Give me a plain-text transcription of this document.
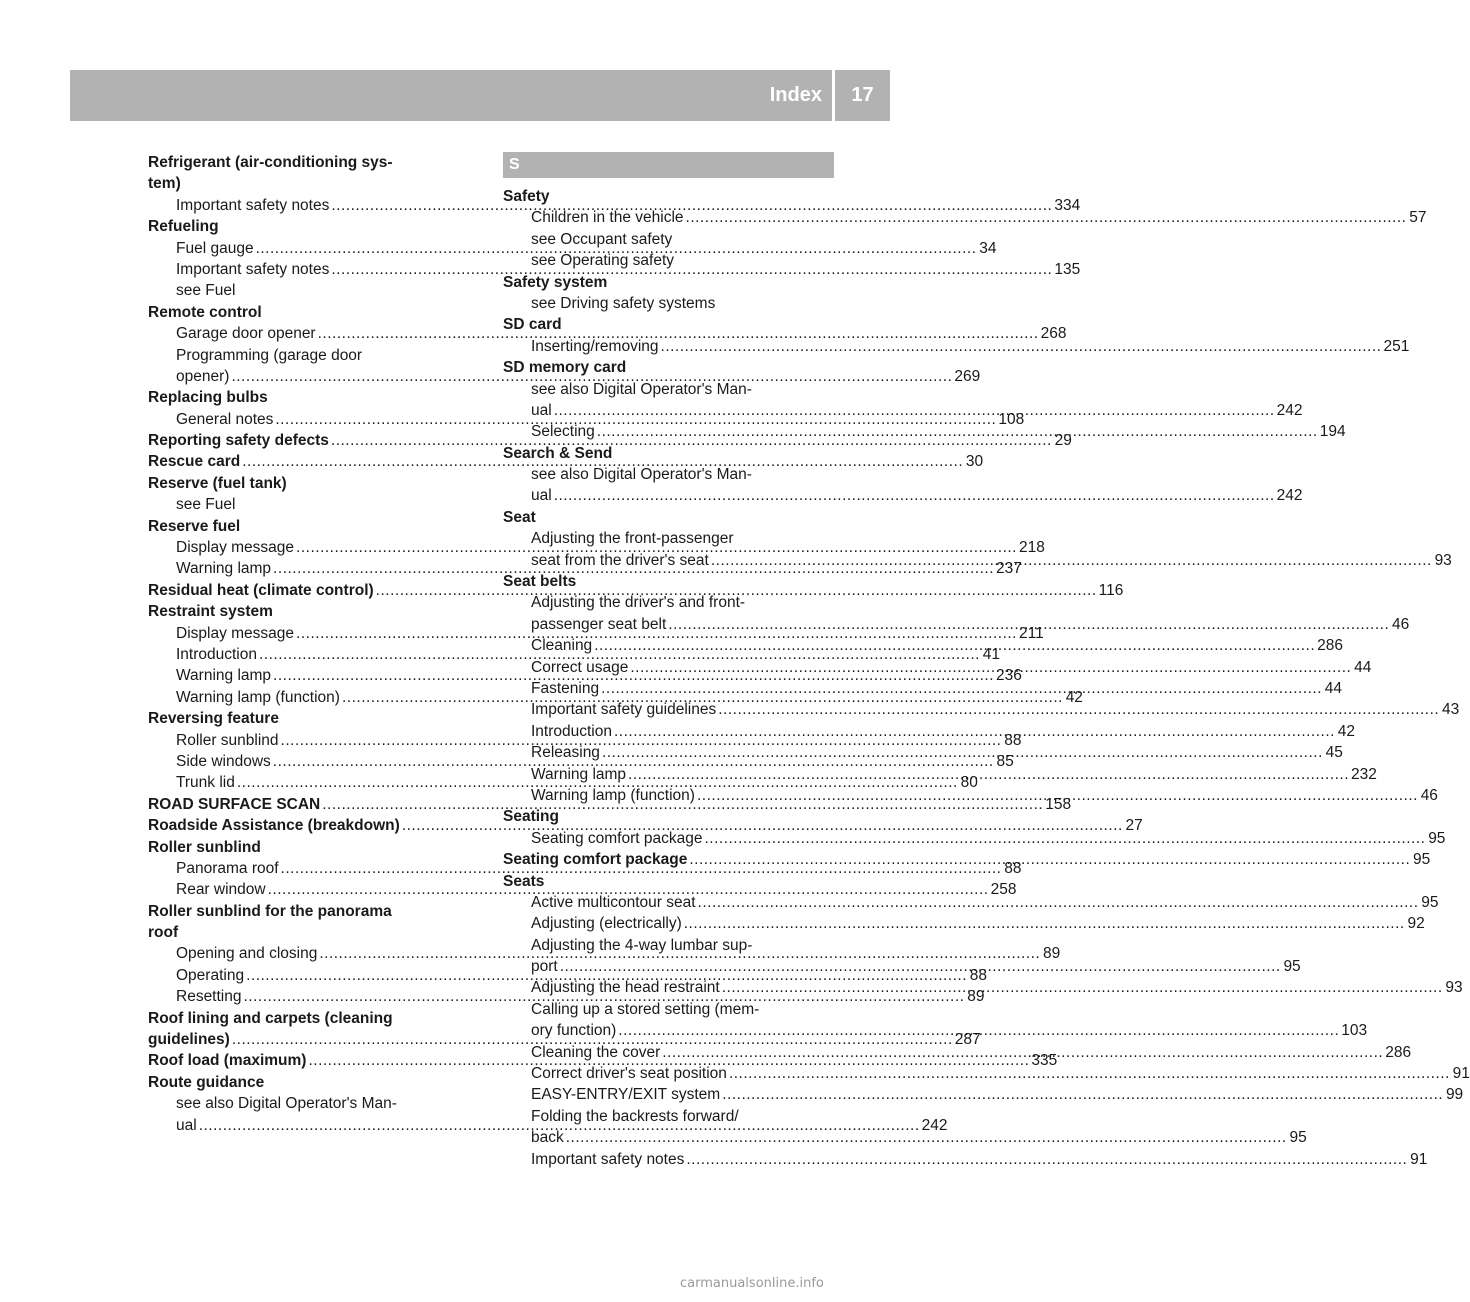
Index	17
Refrigerant (air-conditioning sys-
tem)
Important safety notes .....	334
Refueling
Fuel gauge .....	34
Important safety notes .....	135
see Fuel
Remote control
Garage door opener .....	268
Programming (garage door
opener) .....	269
Replacing bulbs
General notes .....	108
Reporting safety defects .....	29
Rescue card .....	30
Reserve (fuel tank)
see Fuel
Reserve fuel
Display message .....	218
Warning lamp .....	237
Residual heat (climate control) .....	116
Restraint system
Display message .....	211
Introduction .....	41
Warning lamp .....	236
Warning lamp (function) .....	42
Reversing feature
Roller sunblind .....	88
Side windows .....	85
Trunk lid .....	80
ROAD SURFACE SCAN .....	158
Roadside Assistance (breakdown) .....	27
Roller sunblind
Panorama roof .....	88
Rear window .....	258
Roller sunblind for the panorama
roof
Opening and closing .....	89
Operating .....	88
Resetting .....	89
Roof lining and carpets (cleaning
guidelines) .....	287
Roof load (maximum) .....	335
Route guidance
see also Digital Operator's Man-
ual .....	242
S
Safety
Children in the vehicle .....	57
see Occupant safety
see Operating safety
Safety system
see Driving safety systems
SD card
Inserting/removing .....	251
SD memory card
see also Digital Operator's Man-
ual .....	242
Selecting .....	194
Search & Send
see also Digital Operator's Man-
ual .....	242
Seat
Adjusting the front-passenger
seat from the driver's seat .....	93
Seat belts
Adjusting the driver's and front-
passenger seat belt .....	46
Cleaning .....	286
Correct usage .....	44
Fastening .....	44
Important safety guidelines .....	43
Introduction .....	42
Releasing .....	45
Warning lamp .....	232
Warning lamp (function) .....	46
Seating
Seating comfort package .....	95
Seating comfort package .....	95
Seats
Active multicontour seat .....	95
Adjusting (electrically) .....	92
Adjusting the 4-way lumbar sup-
port .....	95
Adjusting the head restraint .....	93
Calling up a stored setting (mem-
ory function) .....	103
Cleaning the cover .....	286
Correct driver's seat position .....	91
EASY-ENTRY/EXIT system .....	99
Folding the backrests forward/
back .....	95
Important safety notes .....	91
carmanualsonline.info
